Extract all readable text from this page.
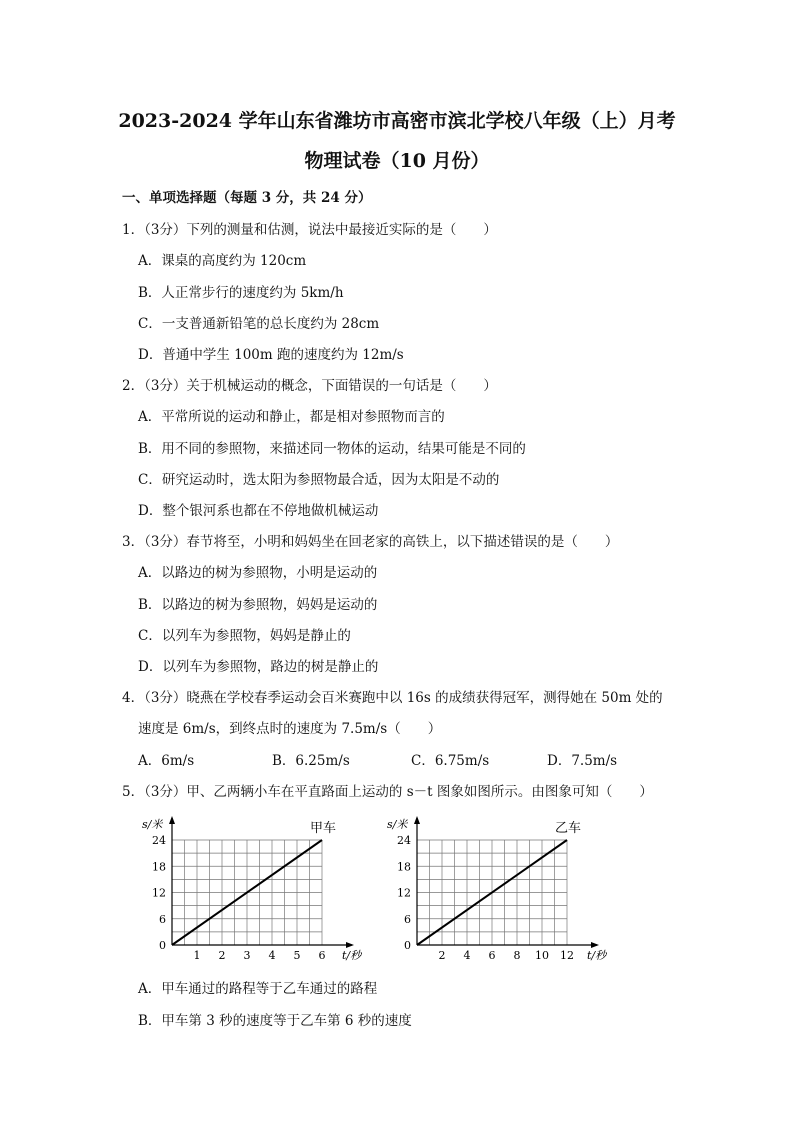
2023-2024 学年山东省潍坊市高密市滨北学校八年级（上）月考
物理试卷（10 月份）
一、单项选择题（每题 3 分，共 24 分）
1．（3分）下列的测量和估测，说法中最接近实际的是（　　）
A．课桌的高度约为 120cm
B．人正常步行的速度约为 5km/h
C．一支普通新铅笔的总长度约为 28cm
D．普通中学生 100m 跑的速度约为 12m/s
2．（3分）关于机械运动的概念，下面错误的一句话是（　　）
A．平常所说的运动和静止，都是相对参照物而言的
B．用不同的参照物，来描述同一物体的运动，结果可能是不同的
C．研究运动时，选太阳为参照物最合适，因为太阳是不动的
D．整个银河系也都在不停地做机械运动
3．（3分）春节将至，小明和妈妈坐在回老家的高铁上，以下描述错误的是（　　）
A．以路边的树为参照物，小明是运动的
B．以路边的树为参照物，妈妈是运动的
C．以列车为参照物，妈妈是静止的
D．以列车为参照物，路边的树是静止的
4．（3分）晓燕在学校春季运动会百米赛跑中以 16s 的成绩获得冠军，测得她在 50m 处的
速度是 6m/s，到终点时的速度为 7.5m/s（　　）
A．6m/s	B．6.25m/s	C．6.75m/s	D．7.5m/s
5．（3分）甲、乙两辆小车在平直路面上运动的 s－t 图象如图所示。由图象可知（　　）
1 2 3 4 5 6
0
6
12
18
24
t/秒
s/米	甲车
2 4 6 8 10 12
0
6
12
18
24
t/秒
s/米	乙车
A．甲车通过的路程等于乙车通过的路程
B．甲车第 3 秒的速度等于乙车第 6 秒的速度
